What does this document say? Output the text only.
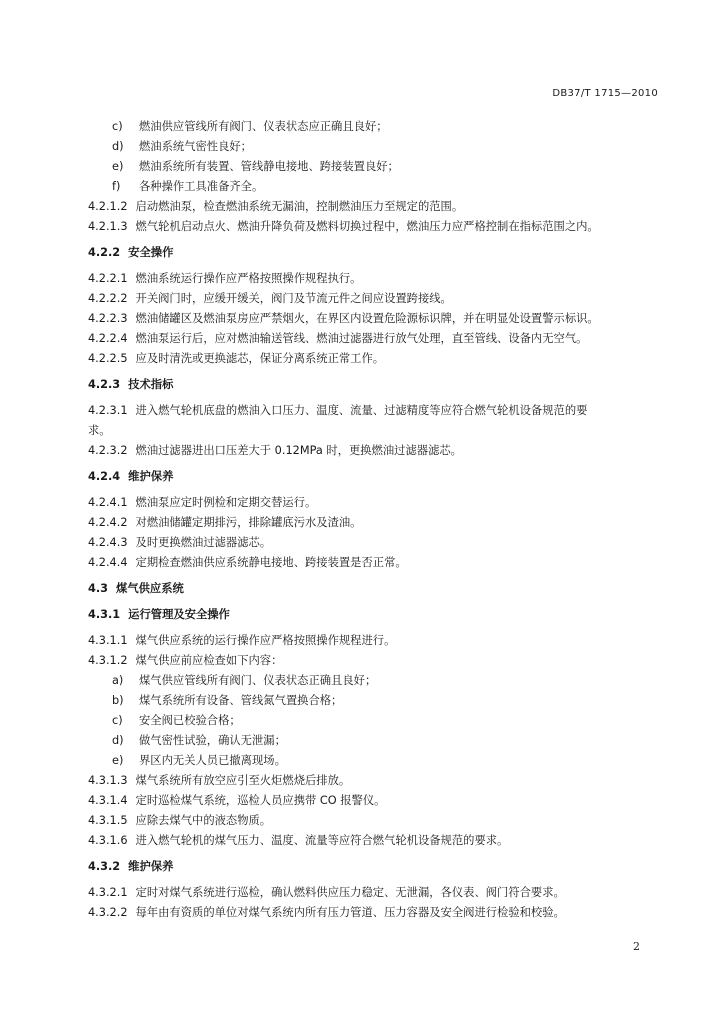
DB37/T 1715—2010
c) 燃油供应管线所有阀门、仪表状态应正确且良好；
d) 燃油系统气密性良好；
e) 燃油系统所有装置、管线静电接地、跨接装置良好；
f) 各种操作工具准备齐全。
4.2.1.2 启动燃油泵，检查燃油系统无漏油，控制燃油压力至规定的范围。
4.2.1.3 燃气轮机启动点火、燃油升降负荷及燃料切换过程中，燃油压力应严格控制在指标范围之内。
4.2.2 安全操作
4.2.2.1 燃油系统运行操作应严格按照操作规程执行。
4.2.2.2 开关阀门时，应缓开缓关，阀门及节流元件之间应设置跨接线。
4.2.2.3 燃油储罐区及燃油泵房应严禁烟火，在界区内设置危险源标识牌，并在明显处设置警示标识。
4.2.2.4 燃油泵运行后，应对燃油输送管线、燃油过滤器进行放气处理，直至管线、设备内无空气。
4.2.2.5 应及时清洗或更换滤芯，保证分离系统正常工作。
4.2.3 技术指标
4.2.3.1 进入燃气轮机底盘的燃油入口压力、温度、流量、过滤精度等应符合燃气轮机设备规范的要
求。
4.2.3.2 燃油过滤器进出口压差大于 0.12MPa 时，更换燃油过滤器滤芯。
4.2.4 维护保养
4.2.4.1 燃油泵应定时例检和定期交替运行。
4.2.4.2 对燃油储罐定期排污，排除罐底污水及渣油。
4.2.4.3 及时更换燃油过滤器滤芯。
4.2.4.4 定期检查燃油供应系统静电接地、跨接装置是否正常。
4.3 煤气供应系统
4.3.1 运行管理及安全操作
4.3.1.1 煤气供应系统的运行操作应严格按照操作规程进行。
4.3.1.2 煤气供应前应检查如下内容：
a) 煤气供应管线所有阀门、仪表状态正确且良好；
b) 煤气系统所有设备、管线氮气置换合格；
c) 安全阀已校验合格；
d) 做气密性试验，确认无泄漏；
e) 界区内无关人员已撤离现场。
4.3.1.3 煤气系统所有放空应引至火炬燃烧后排放。
4.3.1.4 定时巡检煤气系统，巡检人员应携带 CO 报警仪。
4.3.1.5 应除去煤气中的液态物质。
4.3.1.6 进入燃气轮机的煤气压力、温度、流量等应符合燃气轮机设备规范的要求。
4.3.2 维护保养
4.3.2.1 定时对煤气系统进行巡检，确认燃料供应压力稳定、无泄漏，各仪表、阀门符合要求。
4.3.2.2 每年由有资质的单位对煤气系统内所有压力管道、压力容器及安全阀进行检验和校验。
2
